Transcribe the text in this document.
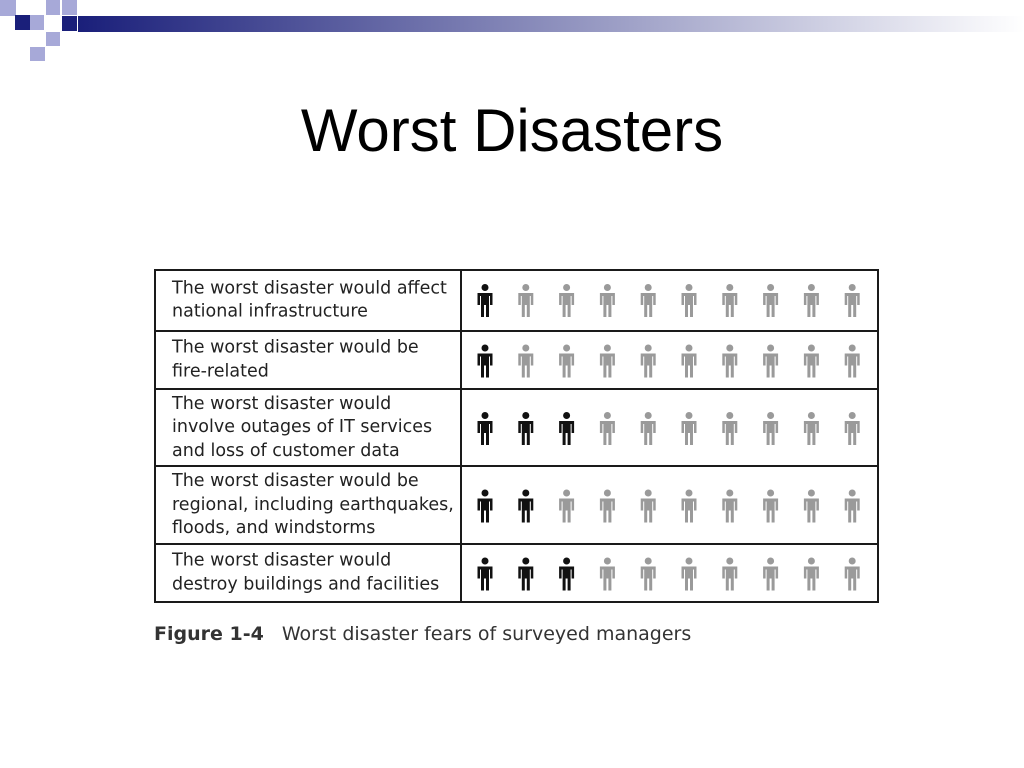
Worst Disasters
The worst disaster would affect national infrastructure
The worst disaster would be fire-related
The worst disaster would involve outages of IT services and loss of customer data
The worst disaster would be regional, including earthquakes, floods, and windstorms
The worst disaster would destroy buildings and facilities
Figure 1-4 Worst disaster fears of surveyed managers
